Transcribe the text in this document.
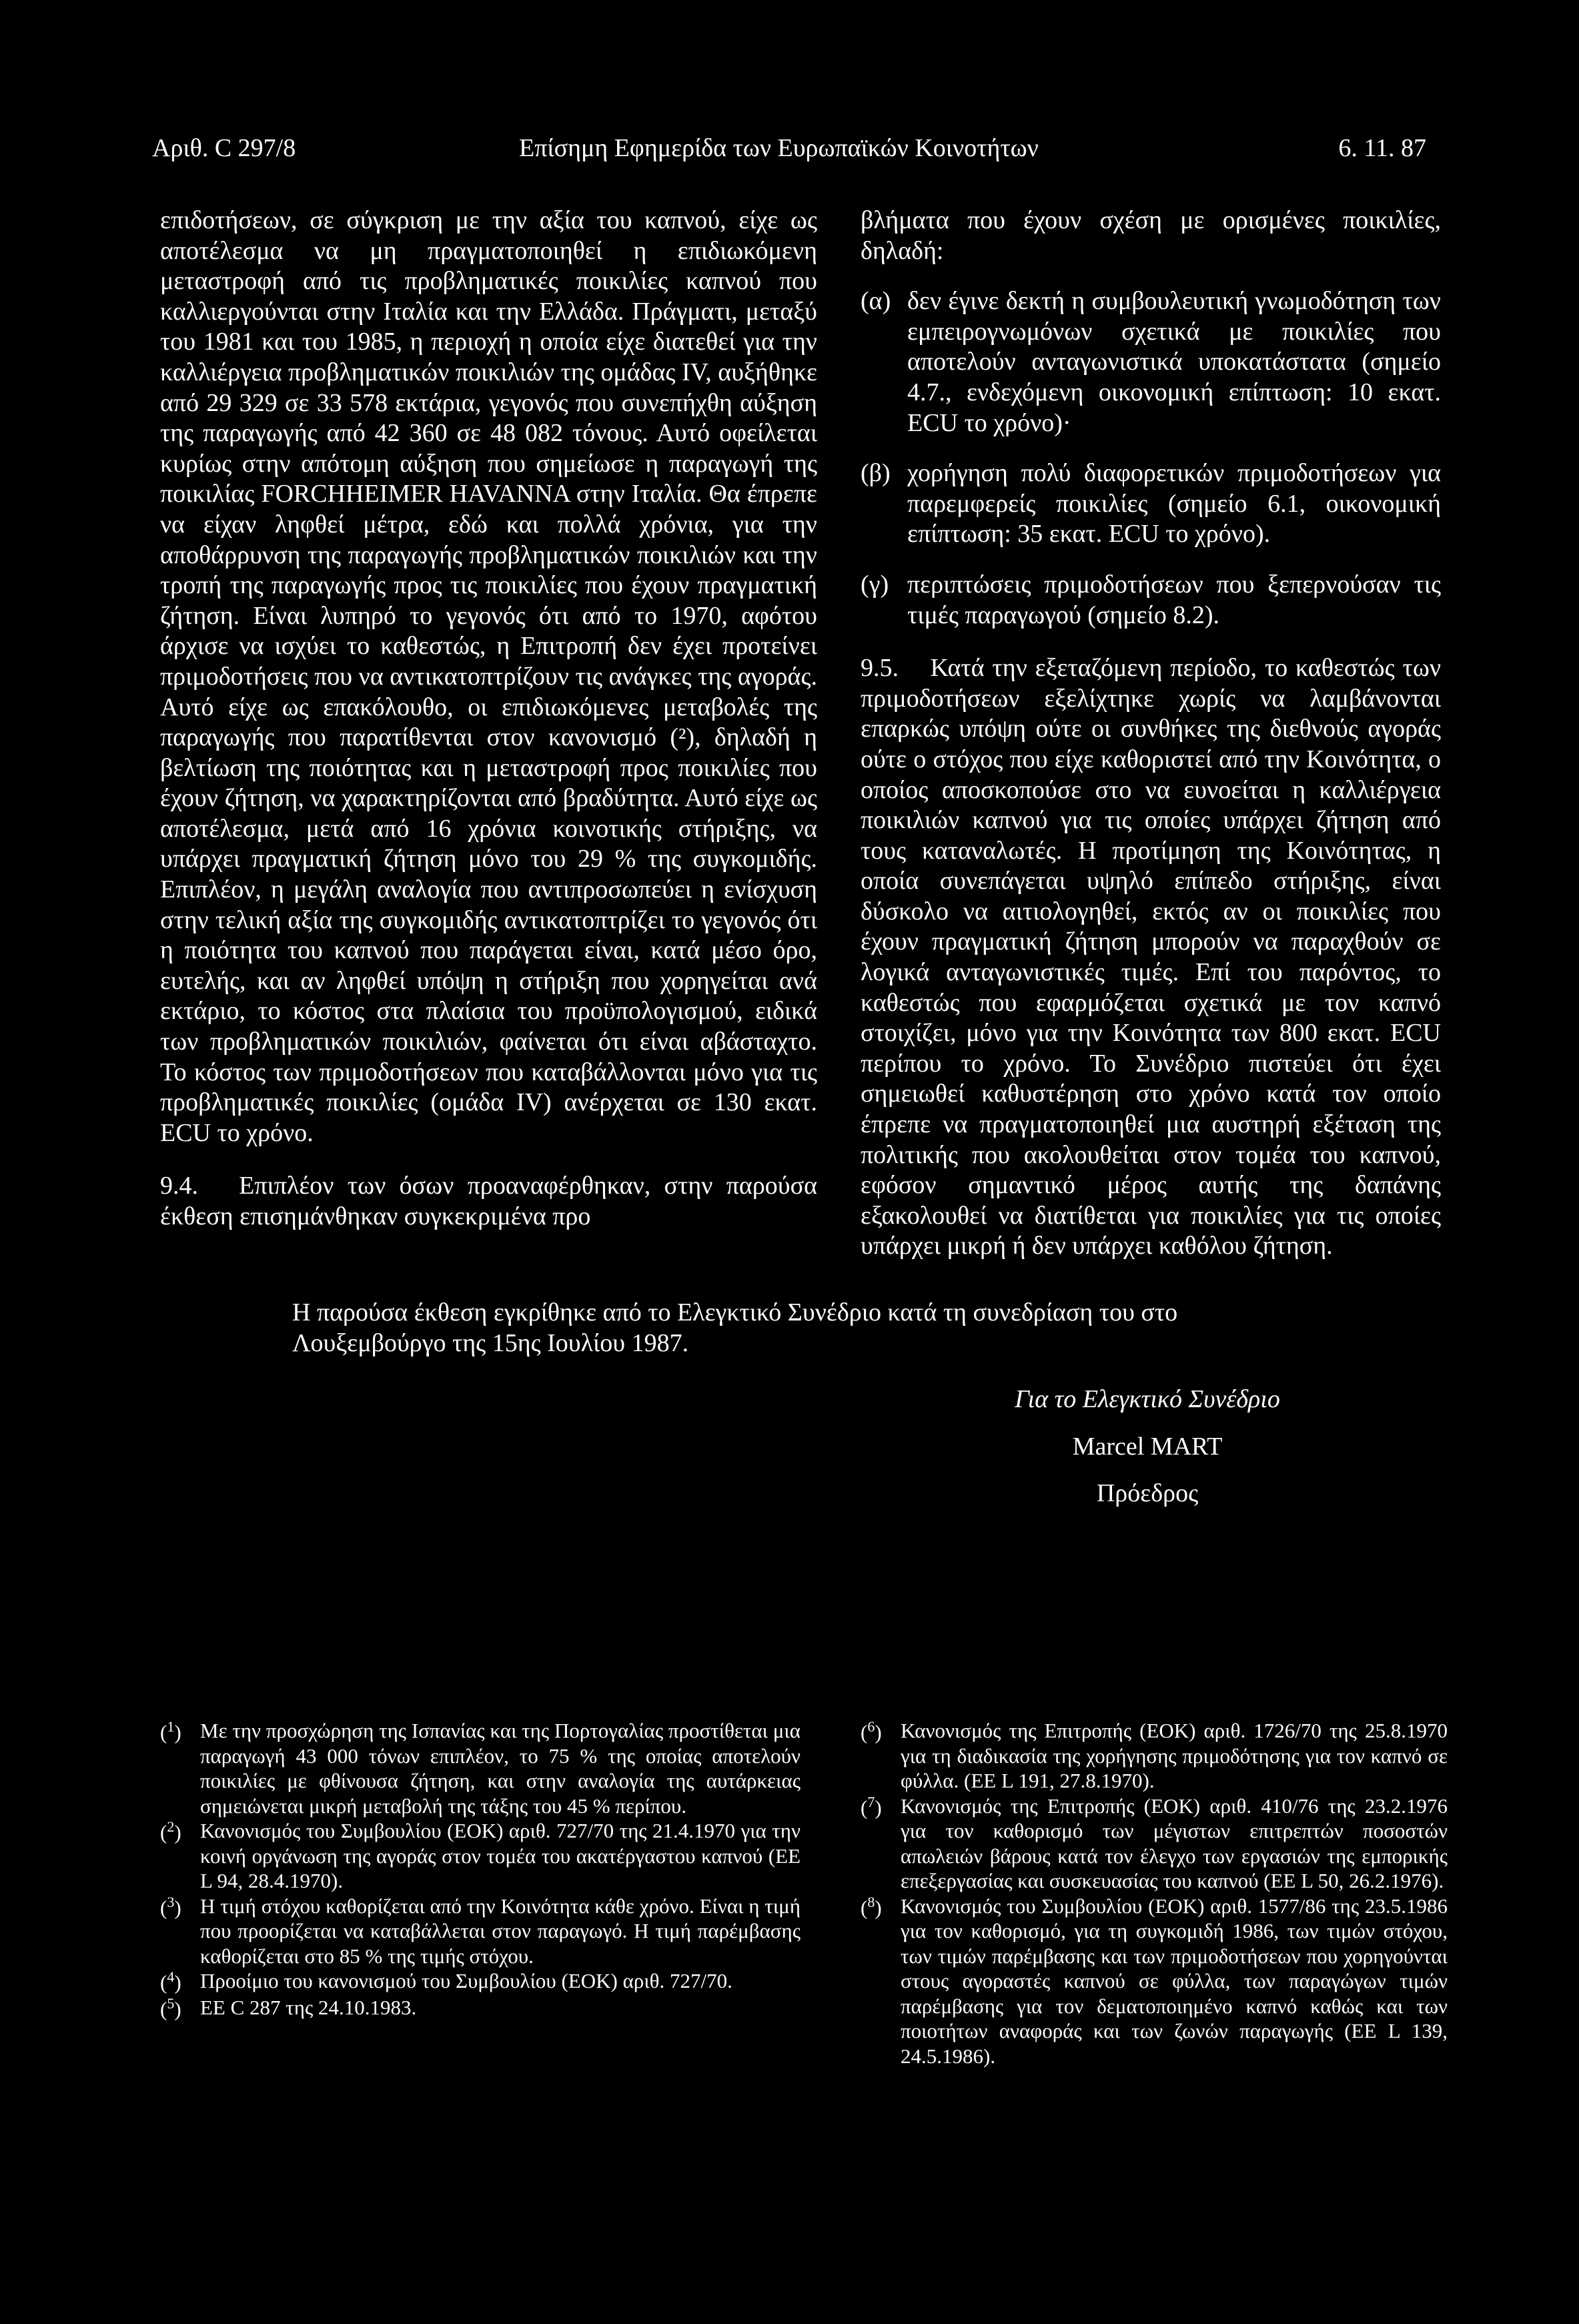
Αριθ. C 297/8	Επίσημη Εφημερίδα των Ευρωπαϊκών Κοινοτήτων	6. 11. 87

επιδοτήσεων, σε σύγκριση με την αξία του καπνού, είχε ως αποτέλεσμα να μη πραγματοποιηθεί η επιδιωκόμενη μεταστροφή από τις προβληματικές ποικιλίες καπνού που καλλιεργούνται στην Ιταλία και την Ελλάδα. Πράγματι, μεταξύ του 1981 και του 1985, η περιοχή η οποία είχε διατεθεί για την καλλιέργεια προβληματικών ποικιλιών της ομάδας IV, αυξήθηκε από 29 329 σε 33 578 εκτάρια, γεγονός που συνεπήχθη αύξηση της παραγωγής από 42 360 σε 48 082 τόνους. Αυτό οφείλεται κυρίως στην απότομη αύξηση που σημείωσε η παραγωγή της ποικιλίας FORCHHEIMER HAVANNA στην Ιταλία. Θα έπρεπε να είχαν ληφθεί μέτρα, εδώ και πολλά χρόνια, για την αποθάρρυνση της παραγωγής προβληματικών ποικιλιών και την τροπή της παραγωγής προς τις ποικιλίες που έχουν πραγματική ζήτηση. Είναι λυπηρό το γεγονός ότι από το 1970, αφότου άρχισε να ισχύει το καθεστώς, η Επιτροπή δεν έχει προτείνει πριμοδοτήσεις που να αντικατοπτρίζουν τις ανάγκες της αγοράς. Αυτό είχε ως επακόλουθο, οι επιδιωκόμενες μεταβολές της παραγωγής που παρατίθενται στον κανονισμό (²), δηλαδή η βελτίωση της ποιότητας και η μεταστροφή προς ποικιλίες που έχουν ζήτηση, να χαρακτηρίζονται από βραδύτητα. Αυτό είχε ως αποτέλεσμα, μετά από 16 χρόνια κοινοτικής στήριξης, να υπάρχει πραγματική ζήτηση μόνο του 29 % της συγκομιδής. Επιπλέον, η μεγάλη αναλογία που αντιπροσωπεύει η ενίσχυση στην τελική αξία της συγκομιδής αντικατοπτρίζει το γεγονός ότι η ποιότητα του καπνού που παράγεται είναι, κατά μέσο όρο, ευτελής, και αν ληφθεί υπόψη η στήριξη που χορηγείται ανά εκτάριο, το κόστος στα πλαίσια του προϋπολογισμού, ειδικά των προβληματικών ποικιλιών, φαίνεται ότι είναι αβάσταχτο. Το κόστος των πριμοδοτήσεων που καταβάλλονται μόνο για τις προβληματικές ποικιλίες (ομάδα IV) ανέρχεται σε 130 εκατ. ECU το χρόνο.

9.4. Επιπλέον των όσων προαναφέρθηκαν, στην παρούσα έκθεση επισημάνθηκαν συγκεκριμένα προ

βλήματα που έχουν σχέση με ορισμένες ποικιλίες, δηλαδή:

(α) δεν έγινε δεκτή η συμβουλευτική γνωμοδότηση των εμπειρογνωμόνων σχετικά με ποικιλίες που αποτελούν ανταγωνιστικά υποκατάστατα (σημείο 4.7., ενδεχόμενη οικονομική επίπτωση: 10 εκατ. ECU το χρόνο)·
(β) χορήγηση πολύ διαφορετικών πριμοδοτήσεων για παρεμφερείς ποικιλίες (σημείο 6.1, οικονομική επίπτωση: 35 εκατ. ECU το χρόνο).
(γ) περιπτώσεις πριμοδοτήσεων που ξεπερνούσαν τις τιμές παραγωγού (σημείο 8.2).

9.5. Κατά την εξεταζόμενη περίοδο, το καθεστώς των πριμοδοτήσεων εξελίχτηκε χωρίς να λαμβάνονται επαρκώς υπόψη ούτε οι συνθήκες της διεθνούς αγοράς ούτε ο στόχος που είχε καθοριστεί από την Κοινότητα, ο οποίος αποσκοπούσε στο να ευνοείται η καλλιέργεια ποικιλιών καπνού για τις οποίες υπάρχει ζήτηση από τους καταναλωτές. Η προτίμηση της Κοινότητας, η οποία συνεπάγεται υψηλό επίπεδο στήριξης, είναι δύσκολο να αιτιολογηθεί, εκτός αν οι ποικιλίες που έχουν πραγματική ζήτηση μπορούν να παραχθούν σε λογικά ανταγωνιστικές τιμές. Επί του παρόντος, το καθεστώς που εφαρμόζεται σχετικά με τον καπνό στοιχίζει, μόνο για την Κοινότητα των 800 εκατ. ECU περίπου το χρόνο. Το Συνέδριο πιστεύει ότι έχει σημειωθεί καθυστέρηση στο χρόνο κατά τον οποίο έπρεπε να πραγματοποιηθεί μια αυστηρή εξέταση της πολιτικής που ακολουθείται στον τομέα του καπνού, εφόσον σημαντικό μέρος αυτής της δαπάνης εξακολουθεί να διατίθεται για ποικιλίες για τις οποίες υπάρχει μικρή ή δεν υπάρχει καθόλου ζήτηση.

Η παρούσα έκθεση εγκρίθηκε από το Ελεγκτικό Συνέδριο κατά τη συνεδρίαση του στο

Λουξεμβούργο της 15ης Ιουλίου 1987.

Για το Ελεγκτικό Συνέδριο
Marcel MART
Πρόεδρος
($^1$) Με την προσχώρηση της Ισπανίας και της Πορτογαλίας προστίθεται μια παραγωγή 43 000 τόνων επιπλέον, το 75 % της οποίας αποτελούν ποικιλίες με φθίνουσα ζήτηση, και στην αναλογία της αυτάρκειας σημειώνεται μικρή μεταβολή της τάξης του 45 % περίπου.
($^2$) Κανονισμός του Συμβουλίου (ΕΟΚ) αριθ. 727/70 της 21.4.1970 για την κοινή οργάνωση της αγοράς στον τομέα του ακατέργαστου καπνού (ΕΕ L 94, 28.4.1970).
($^3$) Η τιμή στόχου καθορίζεται από την Κοινότητα κάθε χρόνο. Είναι η τιμή που προορίζεται να καταβάλλεται στον παραγωγό. Η τιμή παρέμβασης καθορίζεται στο 85 % της τιμής στόχου.
($^4$) Προοίμιο του κανονισμού του Συμβουλίου (ΕΟΚ) αριθ. 727/70.
($^5$) ΕΕ C 287 της 24.10.1983.
($^6$) Κανονισμός της Επιτροπής (ΕΟΚ) αριθ. 1726/70 της 25.8.1970 για τη διαδικασία της χορήγησης πριμοδότησης για τον καπνό σε φύλλα. (ΕΕ L 191, 27.8.1970).
($^7$) Κανονισμός της Επιτροπής (ΕΟΚ) αριθ. 410/76 της 23.2.1976 για τον καθορισμό των μέγιστων επιτρεπτών ποσοστών απωλειών βάρους κατά τον έλεγχο των εργασιών της εμπορικής επεξεργασίας και συσκευασίας του καπνού (ΕΕ L 50, 26.2.1976).
($^8$) Κανονισμός του Συμβουλίου (ΕΟΚ) αριθ. 1577/86 της 23.5.1986 για τον καθορισμό, για τη συγκομιδή 1986, των τιμών στόχου, των τιμών παρέμβασης και των πριμοδοτήσεων που χορηγούνται στους αγοραστές καπνού σε φύλλα, των παραγώγων τιμών παρέμβασης για τον δεματοποιημένο καπνό καθώς και των ποιοτήτων αναφοράς και των ζωνών παραγωγής (ΕΕ L 139, 24.5.1986).
